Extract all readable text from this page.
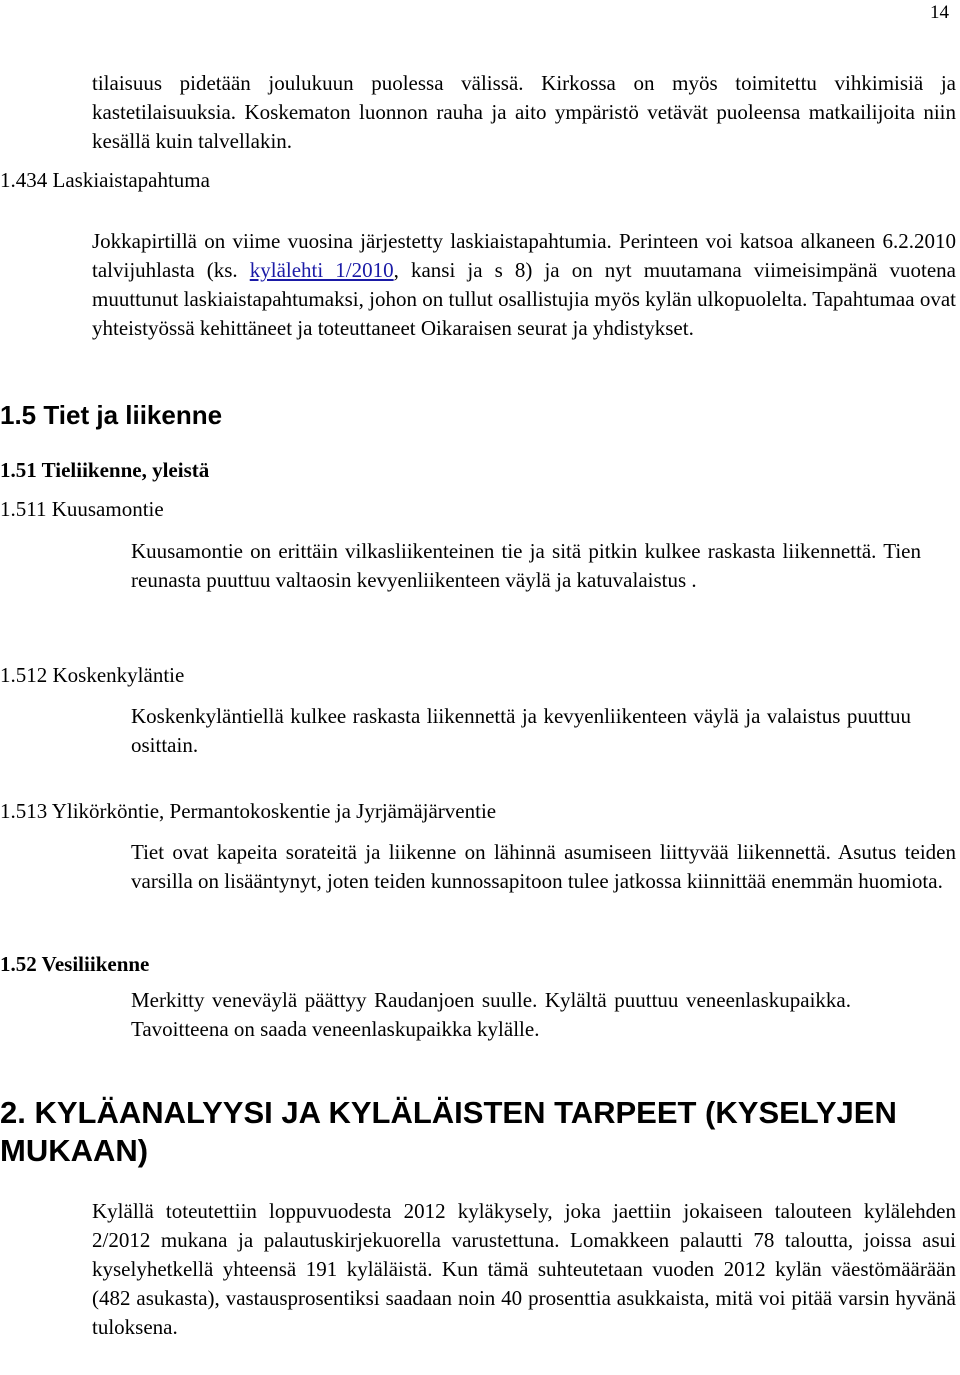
14

tilaisuus pidetään joulukuun puolessa välissä. Kirkossa on myös toimitettu vihkimisiä ja kastetilaisuuksia. Koskematon luonnon rauha ja aito ympäristö vetävät puoleensa matkailijoita niin kesällä kuin talvellakin.

1.434 Laskiaistapahtuma

Jokkapirtillä on viime vuosina järjestetty laskiaistapahtumia. Perinteen voi katsoa alkaneen 6.2.2010 talvijuhlasta (ks. kylälehti 1/2010, kansi ja s 8) ja on nyt muutamana viimeisimpänä vuotena muuttunut laskiaistapahtumaksi, johon on tullut osallistujia myös kylän ulkopuolelta. Tapahtumaa ovat yhteistyössä kehittäneet ja toteuttaneet Oikaraisen seurat ja yhdistykset.

1.5 Tiet ja liikenne
1.51 Tieliikenne, yleistä
1.511 Kuusamontie

Kuusamontie on erittäin vilkasliikenteinen tie ja sitä pitkin kulkee raskasta liikennettä. Tien reunasta puuttuu valtaosin kevyenliikenteen väylä ja katuvalaistus .

1.512 Koskenkyläntie

Koskenkyläntiellä kulkee raskasta liikennettä ja kevyenliikenteen väylä ja valaistus puuttuu osittain.

1.513 Ylikörköntie, Permantokoskentie ja Jyrjämäjärventie

Tiet ovat kapeita sorateitä ja liikenne on lähinnä asumiseen liittyvää liikennettä. Asutus teiden varsilla on lisääntynyt, joten teiden kunnossapitoon tulee jatkossa kiinnittää enemmän huomiota.

1.52 Vesiliikenne

Merkitty veneväylä päättyy Raudanjoen suulle. Kylältä puuttuu veneenlaskupaikka. Tavoitteena on saada veneenlaskupaikka kylälle.

2. KYLÄANALYYSI JA KYLÄLÄISTEN TARPEET (KYSELYJEN MUKAAN)

Kylällä toteutettiin loppuvuodesta 2012 kyläkysely, joka jaettiin jokaiseen talouteen kylälehden 2/2012 mukana ja palautuskirjekuorella varustettuna. Lomakkeen palautti 78 taloutta, joissa asui kyselyhetkellä yhteensä 191 kyläläistä. Kun tämä suhteutetaan vuoden 2012 kylän väestömäärään (482 asukasta), vastausprosentiksi saadaan noin 40 prosenttia asukkaista, mitä voi pitää varsin hyvänä tuloksena.
